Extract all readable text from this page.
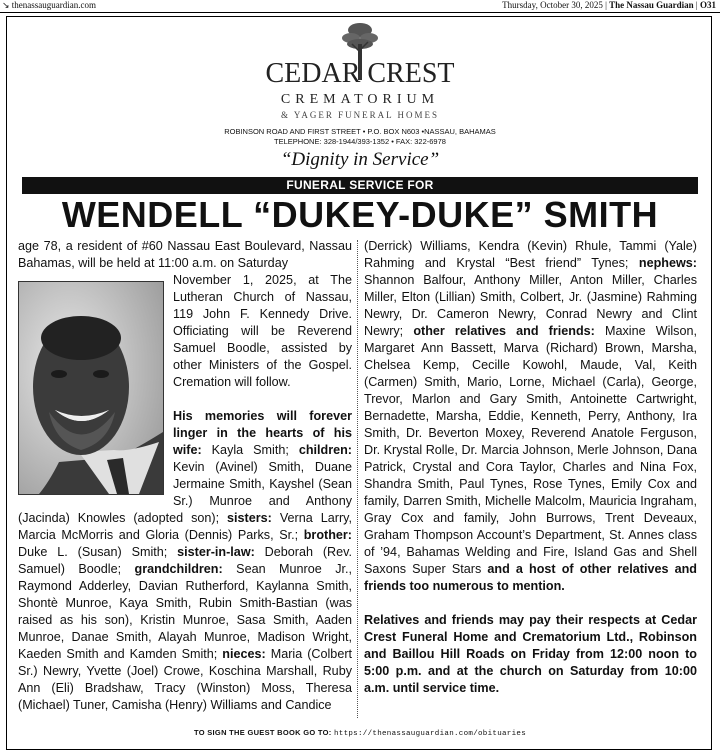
↘ thenassauguardian.com	Thursday, October 30, 2025 | The Nassau Guardian | O31
CEDAR CREST
CREMATORIUM
& YAGER FUNERAL HOMES
ROBINSON ROAD AND FIRST STREET • P.O. BOX N603 •NASSAU, BAHAMAS
TELEPHONE: 328-1944/393-1352 • FAX: 322-6978
“Dignity in Service”
FUNERAL SERVICE FOR
WENDELL “DUKEY-DUKE” SMITH

age 78, a resident of #60 Nassau East Boulevard, Nassau Bahamas, will be held at 11:00 a.m. on Saturday

November 1, 2025, at The Lutheran Church of Nassau, 119 John F. Kennedy Drive. Officiating will be Reverend Samuel Boodle, assisted by other Ministers of the Gospel. Cremation will follow.

His memories will forever linger in the hearts of his wife: Kayla Smith; children: Kevin (Avinel) Smith, Duane Jermaine Smith, Kayshel (Sean Sr.) Munroe and Anthony (Jacinda) Knowles (adopted son); sisters: Verna Larry, Marcia McMorris and Gloria (Dennis) Parks, Sr.; brother: Duke L. (Susan) Smith; sister-in-law: Deborah (Rev. Samuel) Boodle; grandchildren: Sean Munroe Jr., Raymond Adderley, Davian Rutherford, Kaylanna Smith, Shontè Munroe, Kaya Smith, Rubin Smith-Bastian (was raised as his son), Kristin Munroe, Sasa Smith, Aaden Munroe, Danae Smith, Alayah Munroe, Madison Wright, Kaeden Smith and Kamden Smith; nieces: Maria (Colbert Sr.) Newry, Yvette (Joel) Crowe, Koschina Marshall, Ruby Ann (Eli) Bradshaw, Tracy (Winston) Moss, Theresa (Michael) Tuner, Camisha (Henry) Williams and Candice

(Derrick) Williams, Kendra (Kevin) Rhule, Tammi (Yale) Rahming and Krystal “Best friend” Tynes; nephews: Shannon Balfour, Anthony Miller, Anton Miller, Charles Miller, Elton (Lillian) Smith, Colbert, Jr. (Jasmine) Rahming Newry, Dr. Cameron Newry, Conrad Newry and Clint Newry; other relatives and friends: Maxine Wilson, Margaret Ann Bassett, Marva (Richard) Brown, Marsha, Chelsea Kemp, Cecille Kowohl, Maude, Val, Keith (Carmen) Smith, Mario, Lorne, Michael (Carla), George, Trevor, Marlon and Gary Smith, Antoinette Cartwright, Bernadette, Marsha, Eddie, Kenneth, Perry, Anthony, Ira Smith, Dr. Beverton Moxey, Reverend Anatole Ferguson, Dr. Krystal Rolle, Dr. Marcia Johnson, Merle Johnson, Dana Patrick, Crystal and Cora Taylor, Charles and Nina Fox, Shandra Smith, Paul Tynes, Rose Tynes, Emily Cox and family, Darren Smith, Michelle Malcolm, Mauricia Ingraham, Gray Cox and family, John Burrows, Trent Deveaux, Graham Thompson Account’s Department, St. Annes class of ’94, Bahamas Welding and Fire, Island Gas and Shell Saxons Super Stars and a host of other relatives and friends too numerous to mention.

Relatives and friends may pay their respects at Cedar Crest Funeral Home and Crematorium Ltd., Robinson and Baillou Hill Roads on Friday from 12:00 noon to 5:00 p.m. and at the church on Saturday from 10:00 a.m. until service time.

TO SIGN THE GUEST BOOK GO TO: https://thenassauguardian.com/obituaries
